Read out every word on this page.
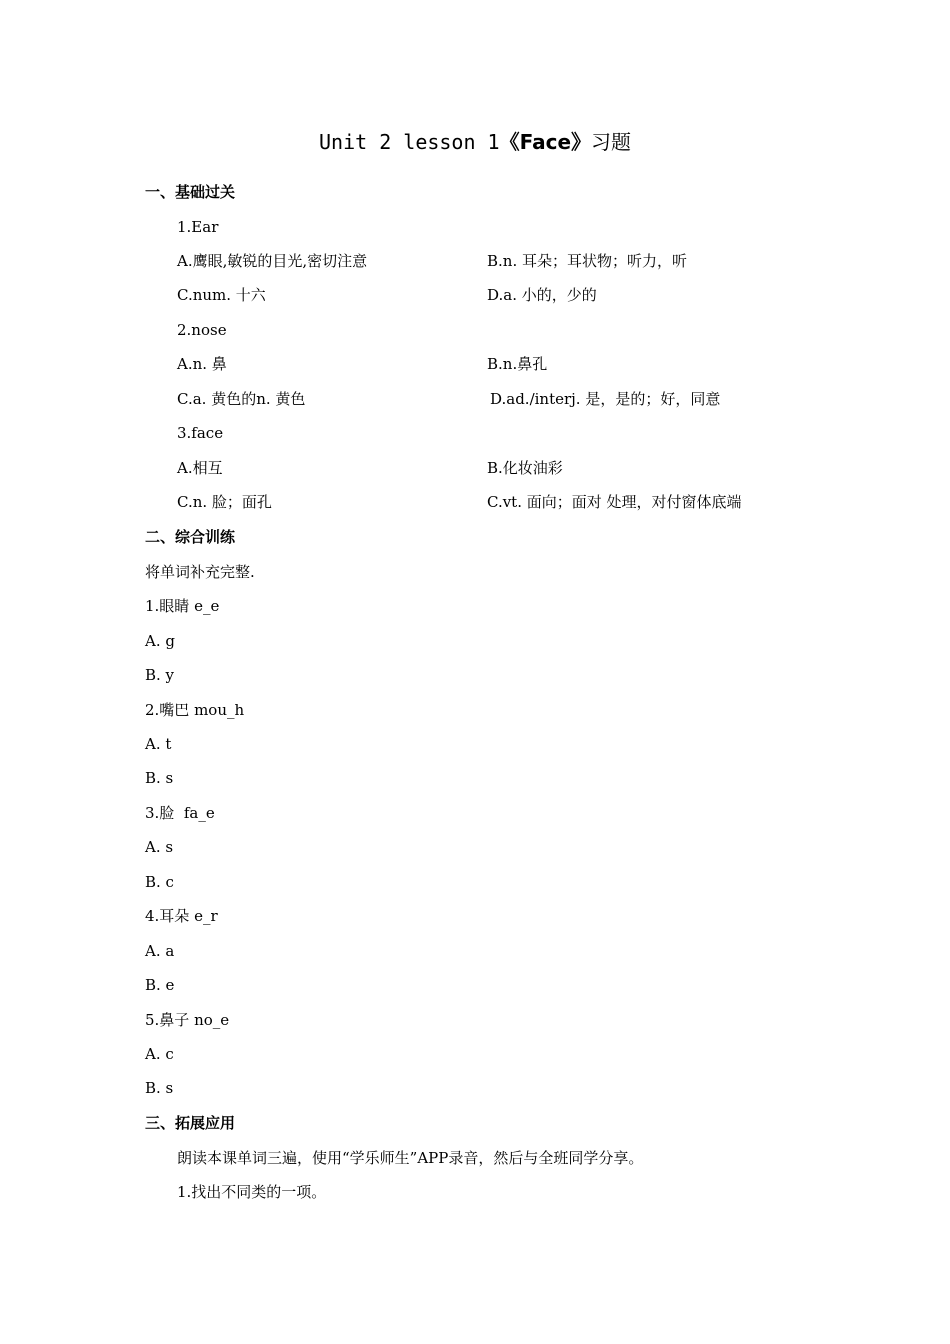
Unit 2 lesson 1《Face》习题
一、基础过关
1.Ear
A.鹰眼,敏锐的目光,密切注意	B.n. 耳朵；耳状物；听力，听
C.num. 十六	D.a. 小的，少的
2.nose
A.n. 鼻	B.n.鼻孔
C.a. 黄色的n. 黄色	D.ad./interj. 是，是的；好，同意
3.face
A.相互	B.化妆油彩
C.n. 脸；面孔	C.vt. 面向；面对 处理，对付窗体底端
二、综合训练
将单词补充完整.
1.眼睛 e_e
A. g
B. y
2.嘴巴 mou_h
A. t
B. s
3.脸  fa_e
A. s
B. c
4.耳朵 e_r
A. a
B. e
5.鼻子 no_e
A. c
B. s
三、拓展应用
朗读本课单词三遍，使用“学乐师生”APP录音，然后与全班同学分享。
1.找出不同类的一项。
